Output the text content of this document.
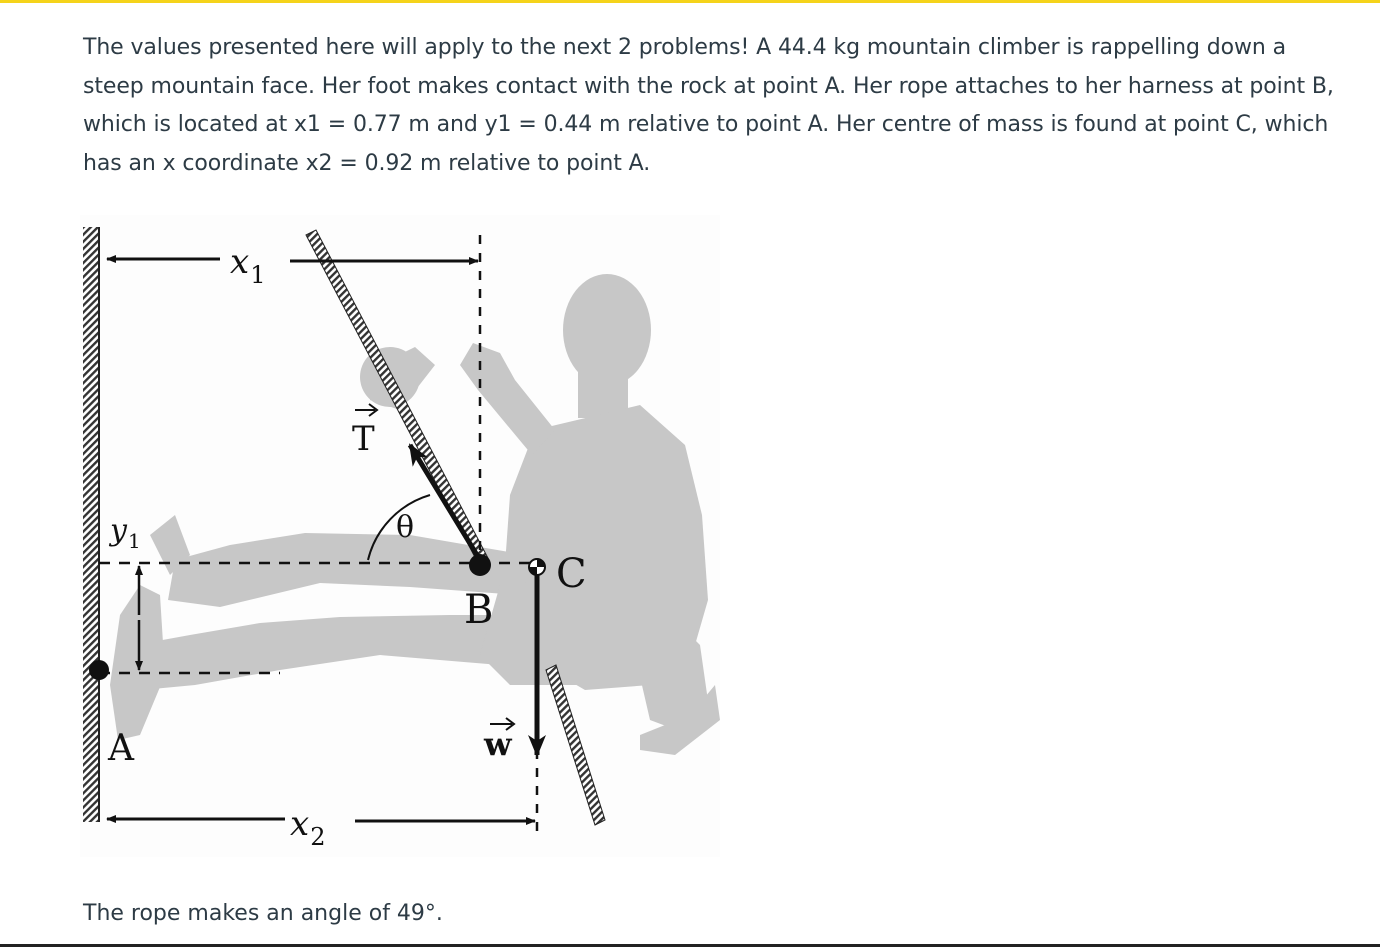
The values presented here will apply to the next 2 problems! A 44.4 kg mountain climber is rappelling down a steep mountain face. Her foot makes contact with the rock at point A. Her rope attaches to her harness at point B, which is located at x1 = 0.77 m and y1 = 0.44 m relative to point A. Her centre of mass is found at point C, which has an x coordinate x2 = 0.92 m relative to point A.

$x_1$
$x_2$
$y_1$
T
θ
w
A
B
C

The rope makes an angle of 49°.
